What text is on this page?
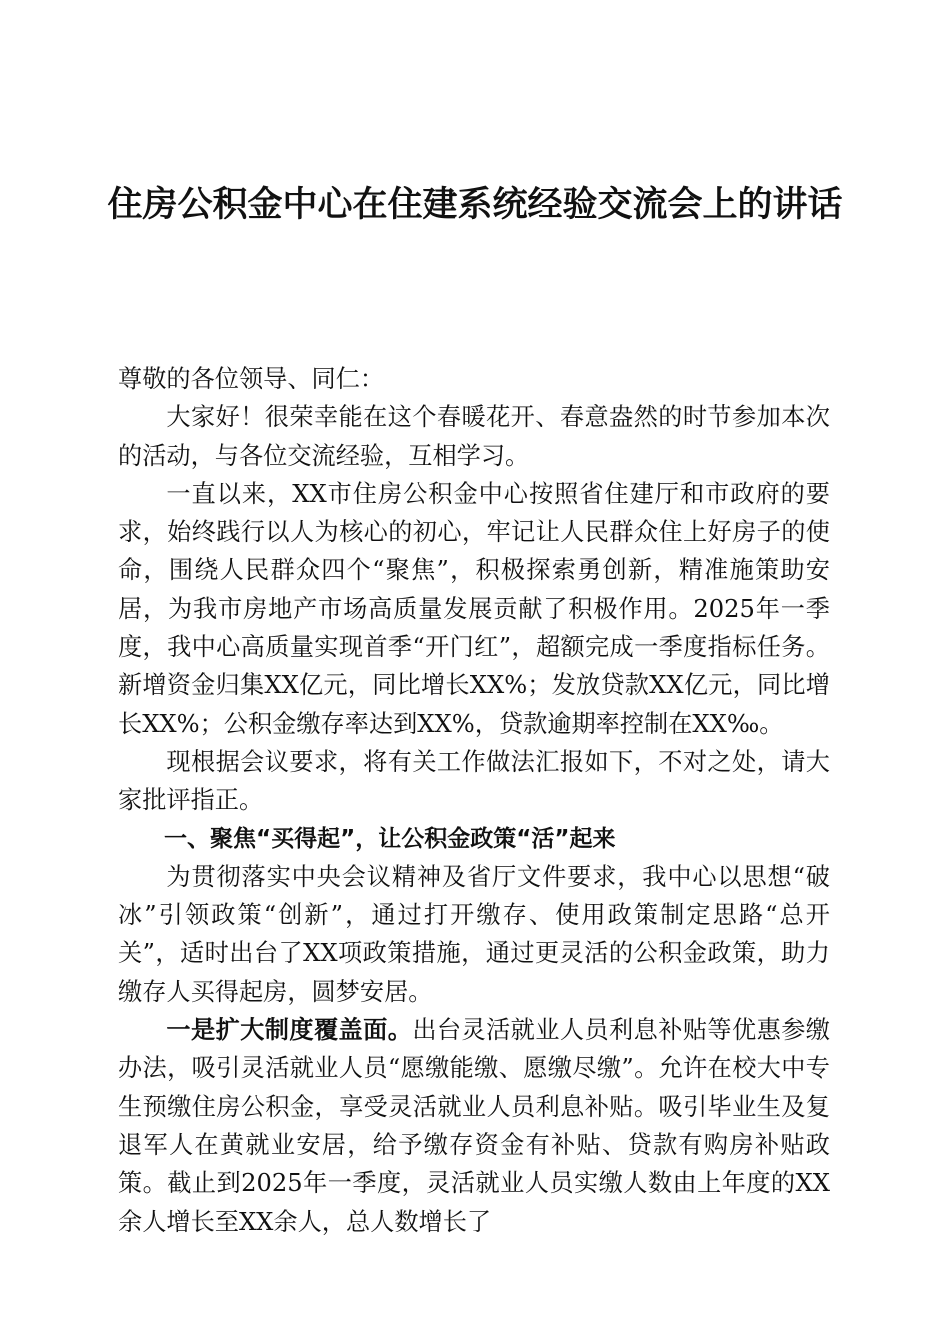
住房公积金中心在住建系统经验交流会上的讲话

尊敬的各位领导、同仁：

大家好！很荣幸能在这个春暖花开、春意盎然的时节参加本次的活动，与各位交流经验，互相学习。

一直以来，XX市住房公积金中心按照省住建厅和市政府的要求，始终践行以人为核心的初心，牢记让人民群众住上好房子的使命，围绕人民群众四个“聚焦”，积极探索勇创新，精准施策助安居，为我市房地产市场高质量发展贡献了积极作用。2025年一季度，我中心高质量实现首季“开门红”，超额完成一季度指标任务。新增资金归集XX亿元，同比增长XX%；发放贷款XX亿元，同比增长XX%；公积金缴存率达到XX%，贷款逾期率控制在XX‰。

现根据会议要求，将有关工作做法汇报如下，不对之处，请大家批评指正。

一、聚焦“买得起”，让公积金政策“活”起来

为贯彻落实中央会议精神及省厅文件要求，我中心以思想“破冰”引领政策“创新”，通过打开缴存、使用政策制定思路“总开关”，适时出台了XX项政策措施，通过更灵活的公积金政策，助力缴存人买得起房，圆梦安居。

一是扩大制度覆盖面。出台灵活就业人员利息补贴等优惠参缴办法，吸引灵活就业人员“愿缴能缴、愿缴尽缴”。允许在校大中专生预缴住房公积金，享受灵活就业人员利息补贴。吸引毕业生及复退军人在黄就业安居，给予缴存资金有补贴、贷款有购房补贴政策。截止到2025年一季度，灵活就业人员实缴人数由上年度的XX余人增长至XX余人，总人数增长了
